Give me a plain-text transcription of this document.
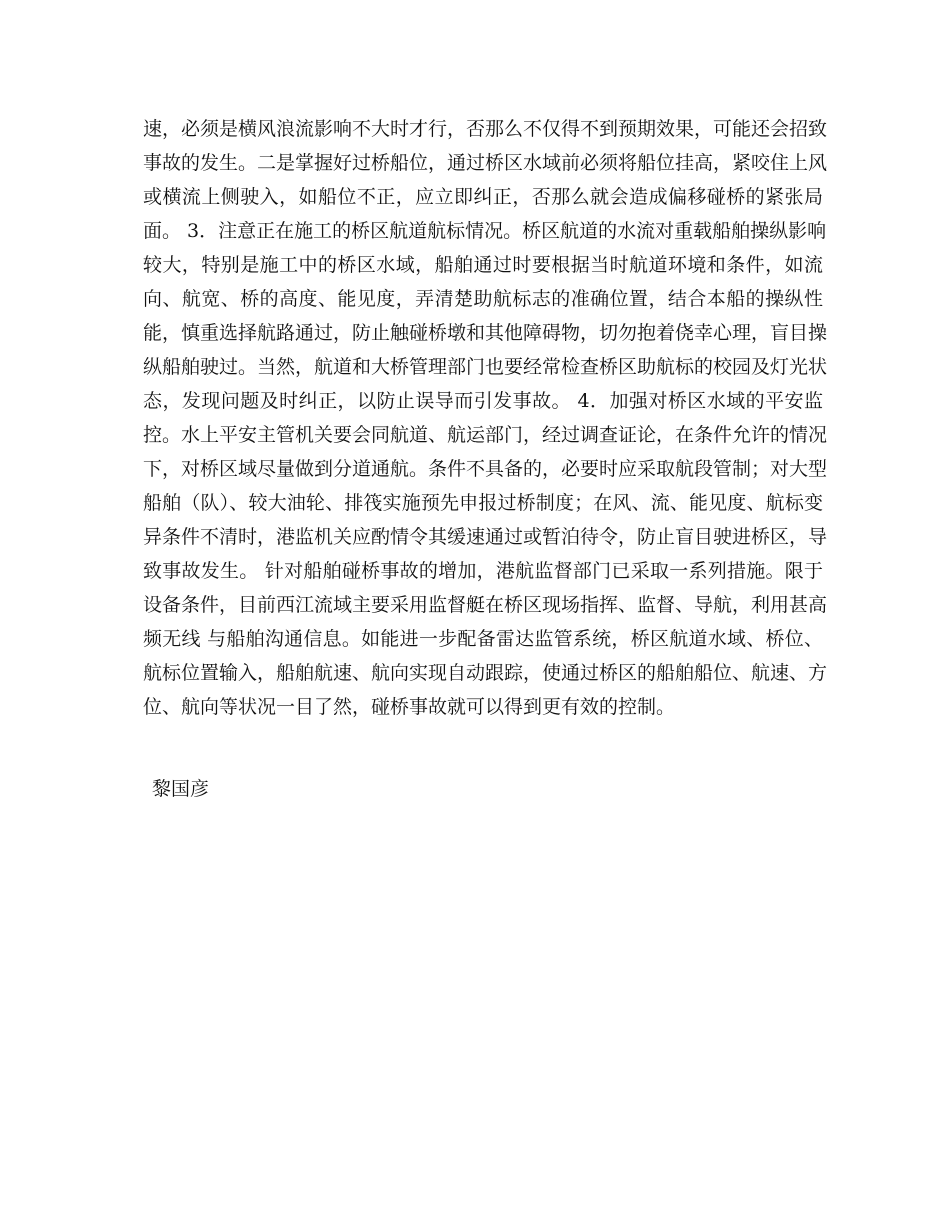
速，必须是横风浪流影响不大时才行，否那么不仅得不到预期效果，可能还会招致
事故的发生。二是掌握好过桥船位，通过桥区水域前必须将船位挂高，紧咬住上风
或横流上侧驶入，如船位不正，应立即纠正，否那么就会造成偏移碰桥的紧张局
面。 3．注意正在施工的桥区航道航标情况。桥区航道的水流对重载船舶操纵影响
较大，特别是施工中的桥区水域，船舶通过时要根据当时航道环境和条件，如流
向、航宽、桥的高度、能见度，弄清楚助航标志的准确位置，结合本船的操纵性
能，慎重选择航路通过，防止触碰桥墩和其他障碍物，切勿抱着侥幸心理，盲目操
纵船舶驶过。当然，航道和大桥管理部门也要经常检查桥区助航标的校园及灯光状
态，发现问题及时纠正，以防止误导而引发事故。 4．加强对桥区水域的平安监
控。水上平安主管机关要会同航道、航运部门，经过调查证论，在条件允许的情况
下，对桥区域尽量做到分道通航。条件不具备的，必要时应采取航段管制；对大型
船舶（队）、较大油轮、排筏实施预先申报过桥制度；在风、流、能见度、航标变
异条件不清时，港监机关应酌情令其缓速通过或暂泊待令，防止盲目驶进桥区，导
致事故发生。 针对船舶碰桥事故的增加，港航监督部门已采取一系列措施。限于
设备条件，目前西江流域主要采用监督艇在桥区现场指挥、监督、导航，利用甚高
频无线 与船舶沟通信息。如能进一步配备雷达监管系统，桥区航道水域、桥位、
航标位置输入，船舶航速、航向实现自动跟踪，使通过桥区的船舶船位、航速、方
位、航向等状况一目了然，碰桥事故就可以得到更有效的控制。
黎国彦
